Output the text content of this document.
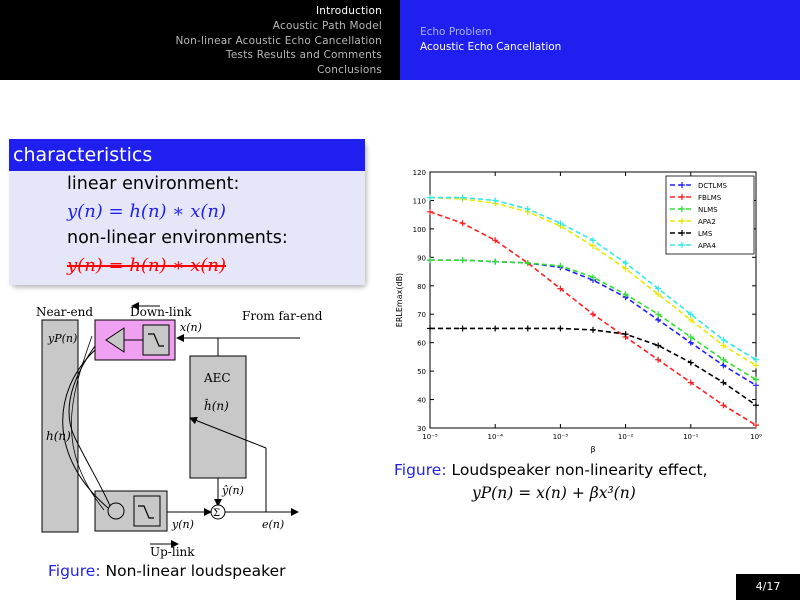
Introduction
Acoustic Path Model
Non-linear Acoustic Echo Cancellation
Tests Results and Comments
Conclusions
Echo Problem
Acoustic Echo Cancellation
characteristics
linear environment:
y(n) = h(n) ∗ x(n)
non-linear environments:
y(n) = h(n) ∗ x(n)
Near-end	Down-link	From far-end
x(n)
yP(n)
AEC
ĥ(n)
h(n)
ŷ(n)
Σ
y(n)	e(n)
Up-link
30
40
50
60
70
80
90
100
110
120
10⁻⁵	10⁻⁴	10⁻³	10⁻²	10⁻¹	10⁰
β
ERLEmax(dB)
DCTLMS
FBLMS
NLMS
APA2
LMS
APA4
Figure: Non-linear loudspeaker
Figure: Loudspeaker non-linearity effect,
yP(n) = x(n) + βx³(n)
4/17
